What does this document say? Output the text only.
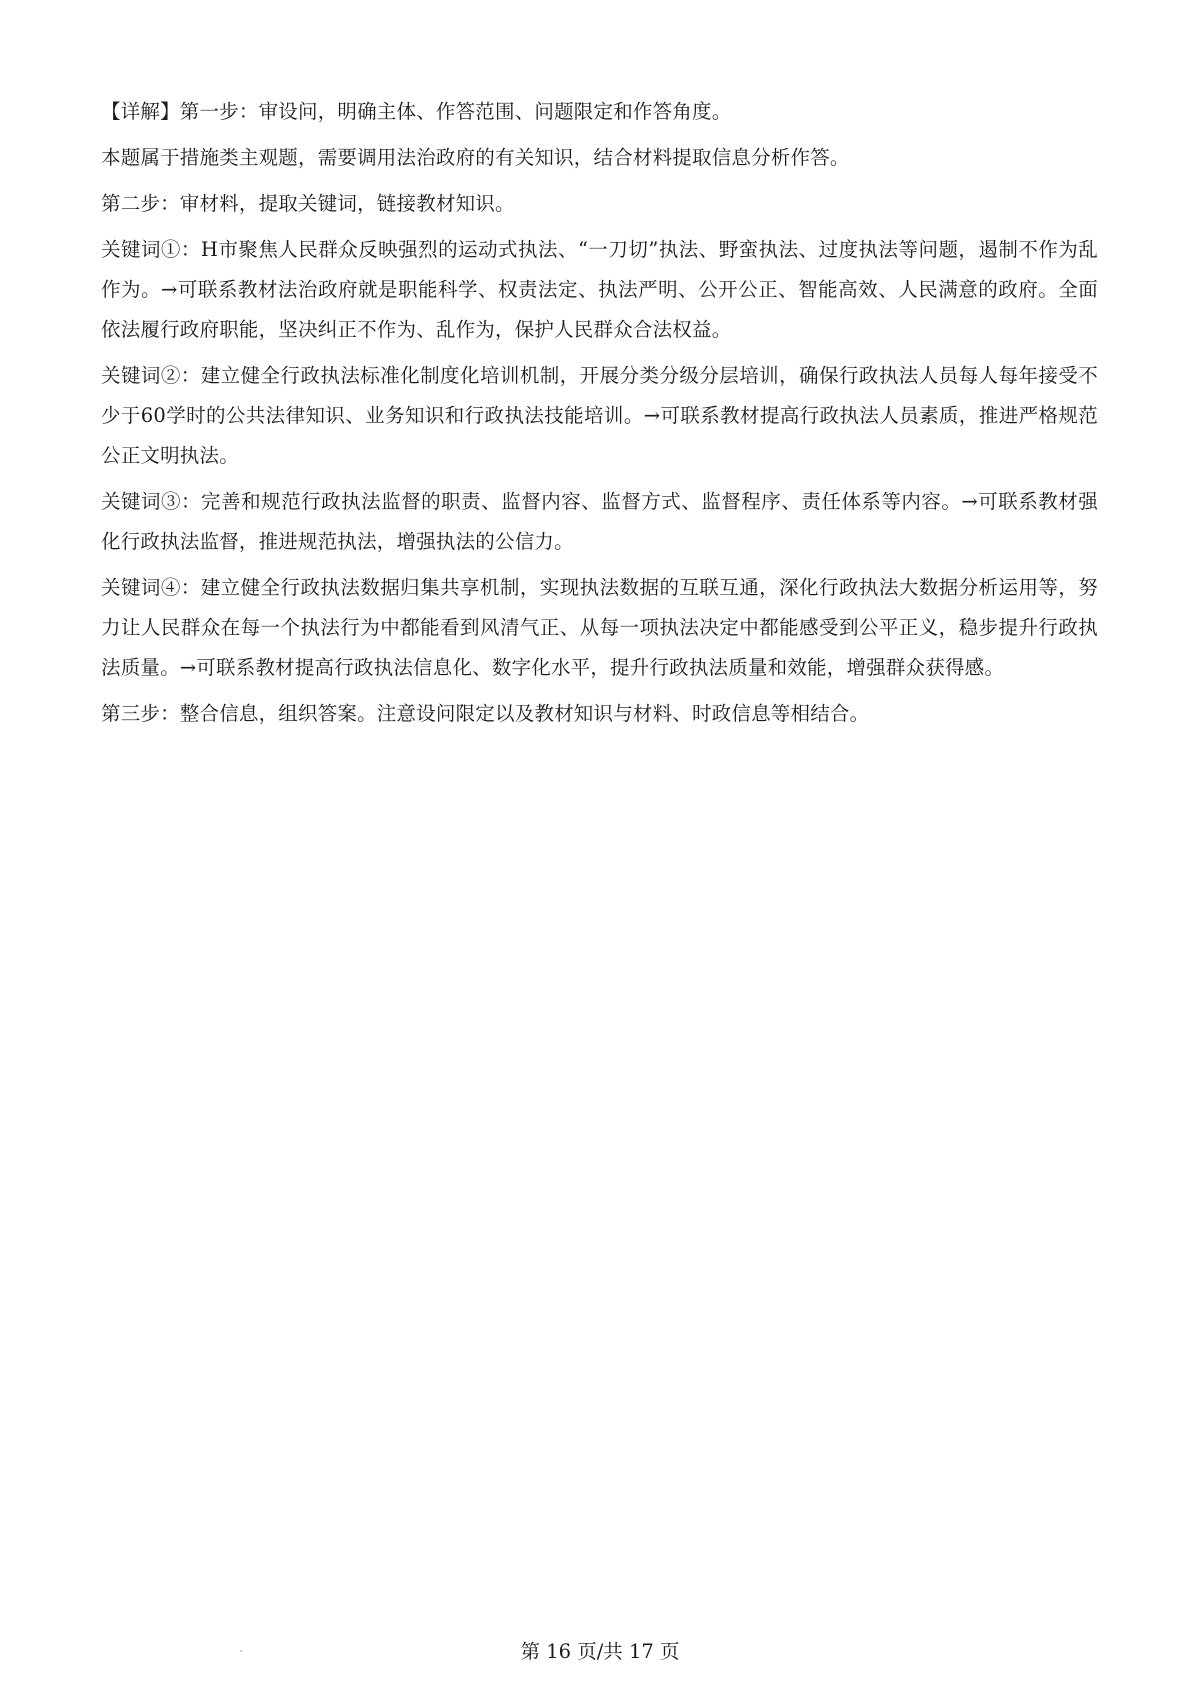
【详解】第一步：审设问，明确主体、作答范围、问题限定和作答角度。

本题属于措施类主观题，需要调用法治政府的有关知识，结合材料提取信息分析作答。

第二步：审材料，提取关键词，链接教材知识。

关键词①：H市聚焦人民群众反映强烈的运动式执法、“一刀切”执法、野蛮执法、过度执法等问题，遏制不作为乱作为。→可联系教材法治政府就是职能科学、权责法定、执法严明、公开公正、智能高效、人民满意的政府。全面依法履行政府职能，坚决纠正不作为、乱作为，保护人民群众合法权益。

关键词②：建立健全行政执法标准化制度化培训机制，开展分类分级分层培训，确保行政执法人员每人每年接受不少于60学时的公共法律知识、业务知识和行政执法技能培训。→可联系教材提高行政执法人员素质，推进严格规范公正文明执法。

关键词③：完善和规范行政执法监督的职责、监督内容、监督方式、监督程序、责任体系等内容。→可联系教材强化行政执法监督，推进规范执法，增强执法的公信力。

关键词④：建立健全行政执法数据归集共享机制，实现执法数据的互联互通，深化行政执法大数据分析运用等，努力让人民群众在每一个执法行为中都能看到风清气正、从每一项执法决定中都能感受到公平正义，稳步提升行政执法质量。→可联系教材提高行政执法信息化、数字化水平，提升行政执法质量和效能，增强群众获得感。

第三步：整合信息，组织答案。注意设问限定以及教材知识与材料、时政信息等相结合。

第 16 页/共 17 页
